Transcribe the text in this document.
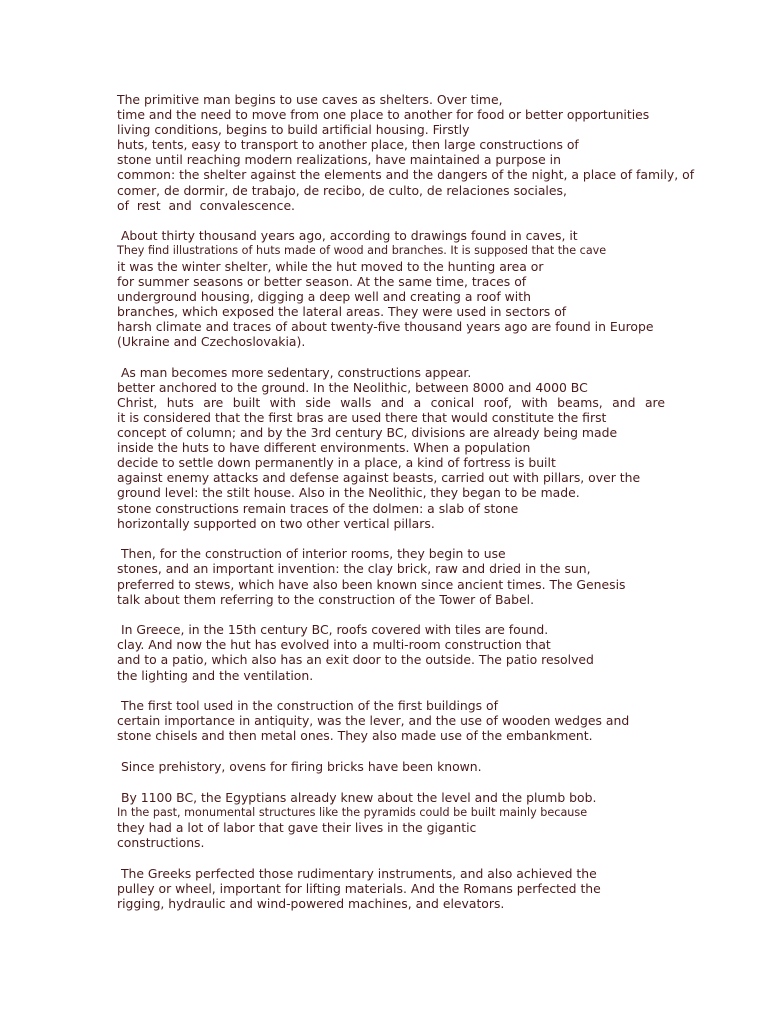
The primitive man begins to use caves as shelters. Over time,
time and the need to move from one place to another for food or better opportunities
living conditions, begins to build artificial housing. Firstly
huts, tents, easy to transport to another place, then large constructions of
stone until reaching modern realizations, have maintained a purpose in
common: the shelter against the elements and the dangers of the night, a place of family, of
comer, de dormir, de trabajo, de recibo, de culto, de relaciones sociales,
of  rest  and  convalescence.
About thirty thousand years ago, according to drawings found in caves, it
They find illustrations of huts made of wood and branches. It is supposed that the cave
it was the winter shelter, while the hut moved to the hunting area or
for summer seasons or better season. At the same time, traces of
underground housing, digging a deep well and creating a roof with
branches, which exposed the lateral areas. They were used in sectors of
harsh climate and traces of about twenty-five thousand years ago are found in Europe
(Ukraine and Czechoslovakia).
As man becomes more sedentary, constructions appear.
better anchored to the ground. In the Neolithic, between 8000 and 4000 BC
Christ, huts are built with side walls and a conical roof, with beams, and are
it is considered that the first bras are used there that would constitute the first
concept of column; and by the 3rd century BC, divisions are already being made
inside the huts to have different environments. When a population
decide to settle down permanently in a place, a kind of fortress is built
against enemy attacks and defense against beasts, carried out with pillars, over the
ground level: the stilt house. Also in the Neolithic, they began to be made.
stone constructions remain traces of the dolmen: a slab of stone
horizontally supported on two other vertical pillars.
Then, for the construction of interior rooms, they begin to use
stones, and an important invention: the clay brick, raw and dried in the sun,
preferred to stews, which have also been known since ancient times. The Genesis
talk about them referring to the construction of the Tower of Babel.
In Greece, in the 15th century BC, roofs covered with tiles are found.
clay. And now the hut has evolved into a multi-room construction that
and to a patio, which also has an exit door to the outside. The patio resolved
the lighting and the ventilation.
The first tool used in the construction of the first buildings of
certain importance in antiquity, was the lever, and the use of wooden wedges and
stone chisels and then metal ones. They also made use of the embankment.
Since prehistory, ovens for firing bricks have been known.
By 1100 BC, the Egyptians already knew about the level and the plumb bob.
In the past, monumental structures like the pyramids could be built mainly because
they had a lot of labor that gave their lives in the gigantic
constructions.
The Greeks perfected those rudimentary instruments, and also achieved the
pulley or wheel, important for lifting materials. And the Romans perfected the
rigging, hydraulic and wind-powered machines, and elevators.
